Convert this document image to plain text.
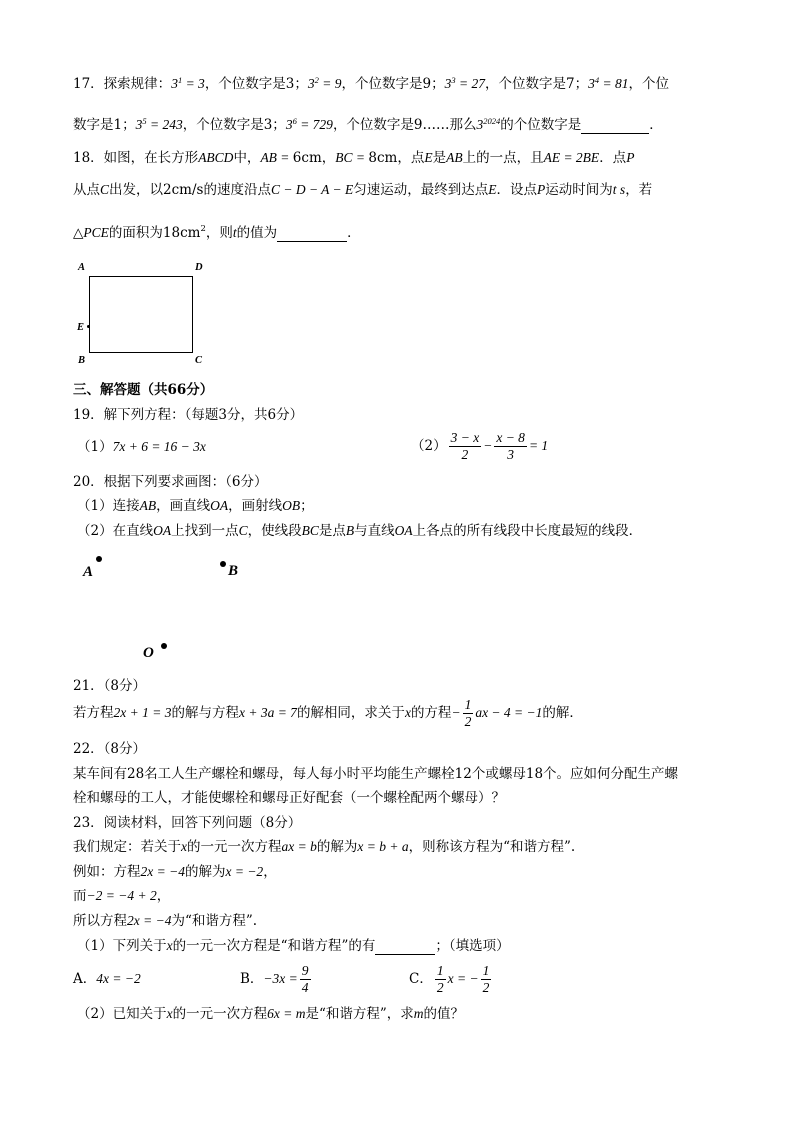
17．探索规律：$3^1 = 3$，个位数字是3；$3^2 = 9$，个位数字是9；$3^3 = 27$，个位数字是7；$3^4 = 81$，个位
数字是1；$3^5 = 243$，个位数字是3；$3^6 = 729$，个位数字是9……那么$3^{2024}$的个位数字是	．
18．如图，在长方形ABCD中，AB = 6cm，BC = 8cm，点E是AB上的一点，且AE = 2BE．点P
从点C出发，以2cm/s的速度沿点C − D − A − E匀速运动，最终到达点E．设点P运动时间为t s，若
△PCE的面积为$18cm^2$，则t的值为	．
A	D
E
B	C
三、解答题（共66分）
19．解下列方程：（每题3分，共6分）
（1）7x + 6 = 16 − 3x	$(2) \frac{3 - x}{2} - \frac{x - 8}{3} = 1$
20．根据下列要求画图：（6分）
（1）连接AB，画直线OA，画射线OB；
（2）在直线OA上找到一点C，使线段BC是点B与直线OA上各点的所有线段中长度最短的线段．
A	B
O
21．（8分）
若方程2x + 1 = 3的解与方程x + 3a = 7的解相同，求关于x的方程− $\frac{1}{2}$ ax − 4 = −1的解．
22．（8分）
某车间有28名工人生产螺栓和螺母，每人每小时平均能生产螺栓12个或螺母18个。应如何分配生产螺
栓和螺母的工人，才能使螺栓和螺母正好配套（一个螺栓配两个螺母）？
23．阅读材料，回答下列问题（8分）
我们规定：若关于x的一元一次方程ax = b的解为x = b + a，则称该方程为“和谐方程”.
例如：方程2x = −4的解为x = −2，
而−2 = −4 + 2，
所以方程2x = −4为“和谐方程”.
（1）下列关于x的一元一次方程是“和谐方程”的有	；（填选项）
A．4x = −2	B．$-3x = \frac{9}{4}$	C． $\frac{1}{2}$ x = − $\frac{1}{2}$
（2）已知关于x的一元一次方程6x = m是“和谐方程”，求m的值？
